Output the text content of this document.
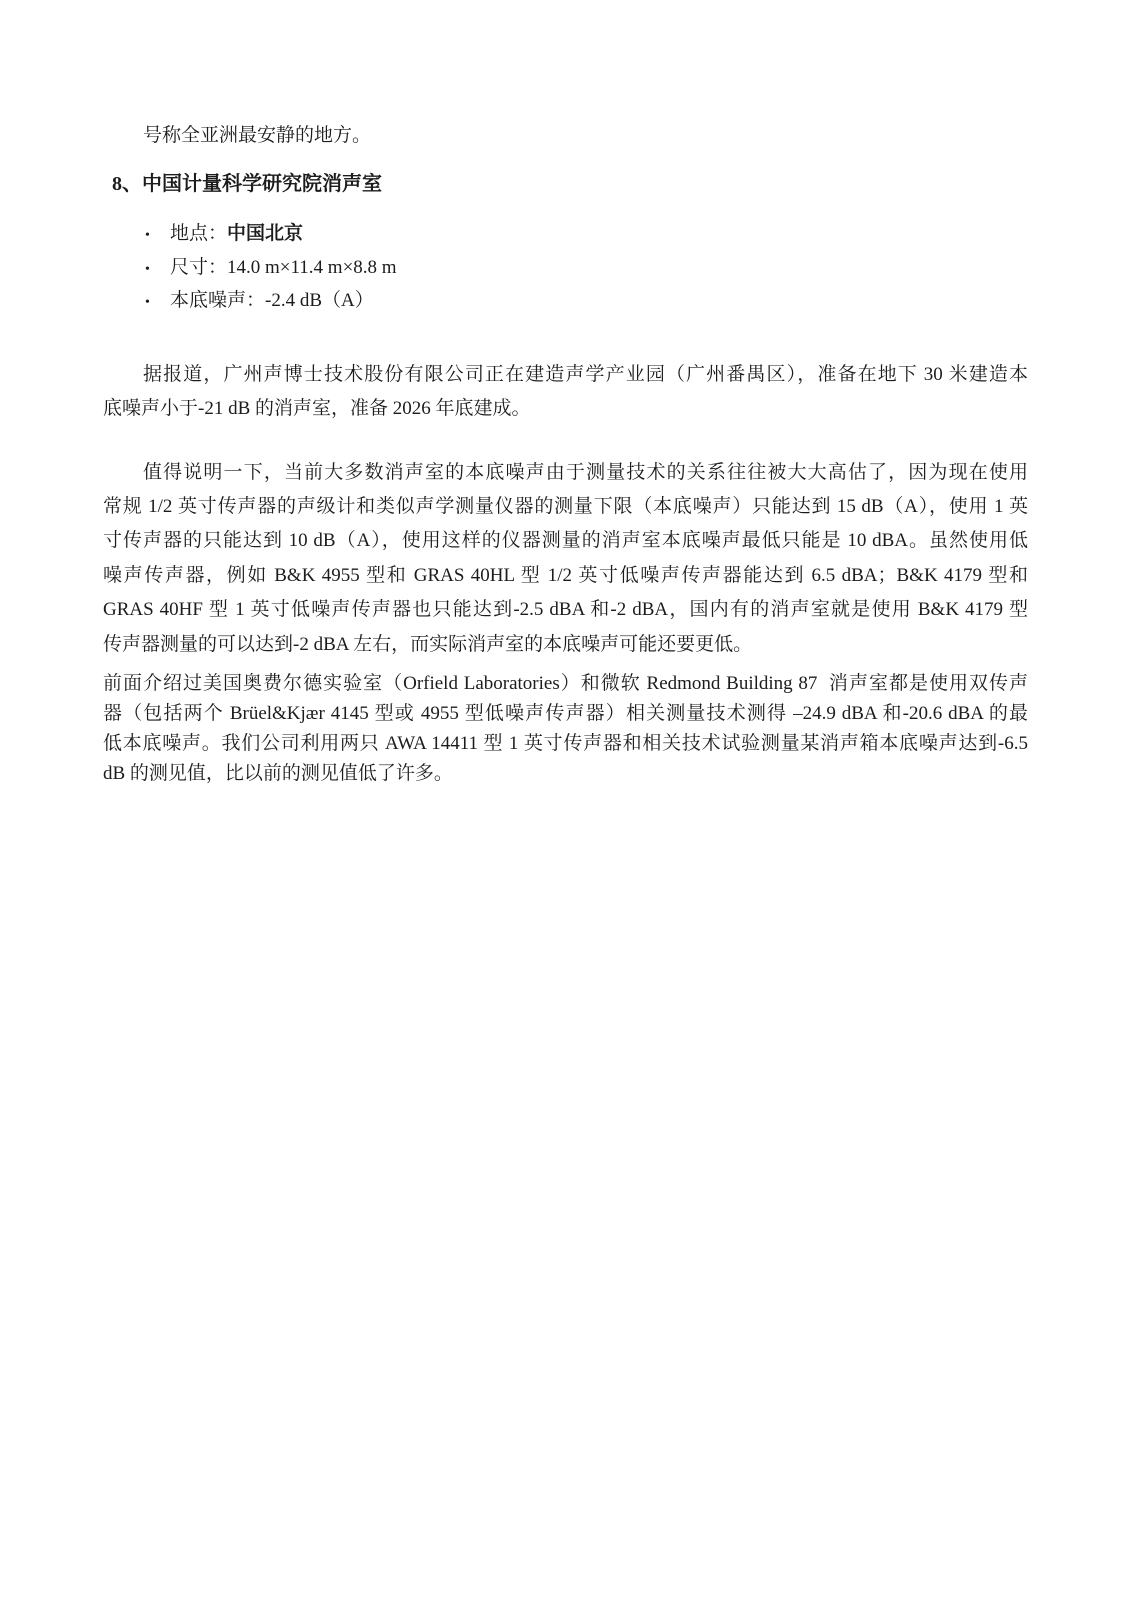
号称全亚洲最安静的地方。
8、中国计量科学研究院消声室
•	地点：中国北京
•	尺寸：14.0 m×11.4 m×8.8 m
•	本底噪声：-2.4 dB（A）
据报道，广州声博士技术股份有限公司正在建造声学产业园（广州番禺区），准备在地下 30 米建造本
底噪声小于-21 dB 的消声室，准备 2026 年底建成。
值得说明一下，当前大多数消声室的本底噪声由于测量技术的关系往往被大大高估了，因为现在使用
常规 1/2 英寸传声器的声级计和类似声学测量仪器的测量下限（本底噪声）只能达到 15 dB（A），使用 1 英
寸传声器的只能达到 10 dB（A），使用这样的仪器测量的消声室本底噪声最低只能是 10 dBA。虽然使用低
噪声传声器，例如 B&K 4955 型和 GRAS 40HL 型 1/2 英寸低噪声传声器能达到 6.5 dBA；B&K 4179 型和
GRAS 40HF 型 1 英寸低噪声传声器也只能达到-2.5 dBA 和-2 dBA，国内有的消声室就是使用 B&K 4179 型
传声器测量的可以达到-2 dBA 左右，而实际消声室的本底噪声可能还要更低。
前面介绍过美国奥费尔德实验室（Orfield Laboratories）和微软 Redmond Building 87  消声室都是使用双传声
器（包括两个 Brüel&Kjær 4145 型或 4955 型低噪声传声器）相关测量技术测得 –24.9 dBA 和-20.6 dBA 的最
低本底噪声。我们公司利用两只 AWA 14411 型 1 英寸传声器和相关技术试验测量某消声箱本底噪声达到-6.5
dB 的测见值，比以前的测见值低了许多。
